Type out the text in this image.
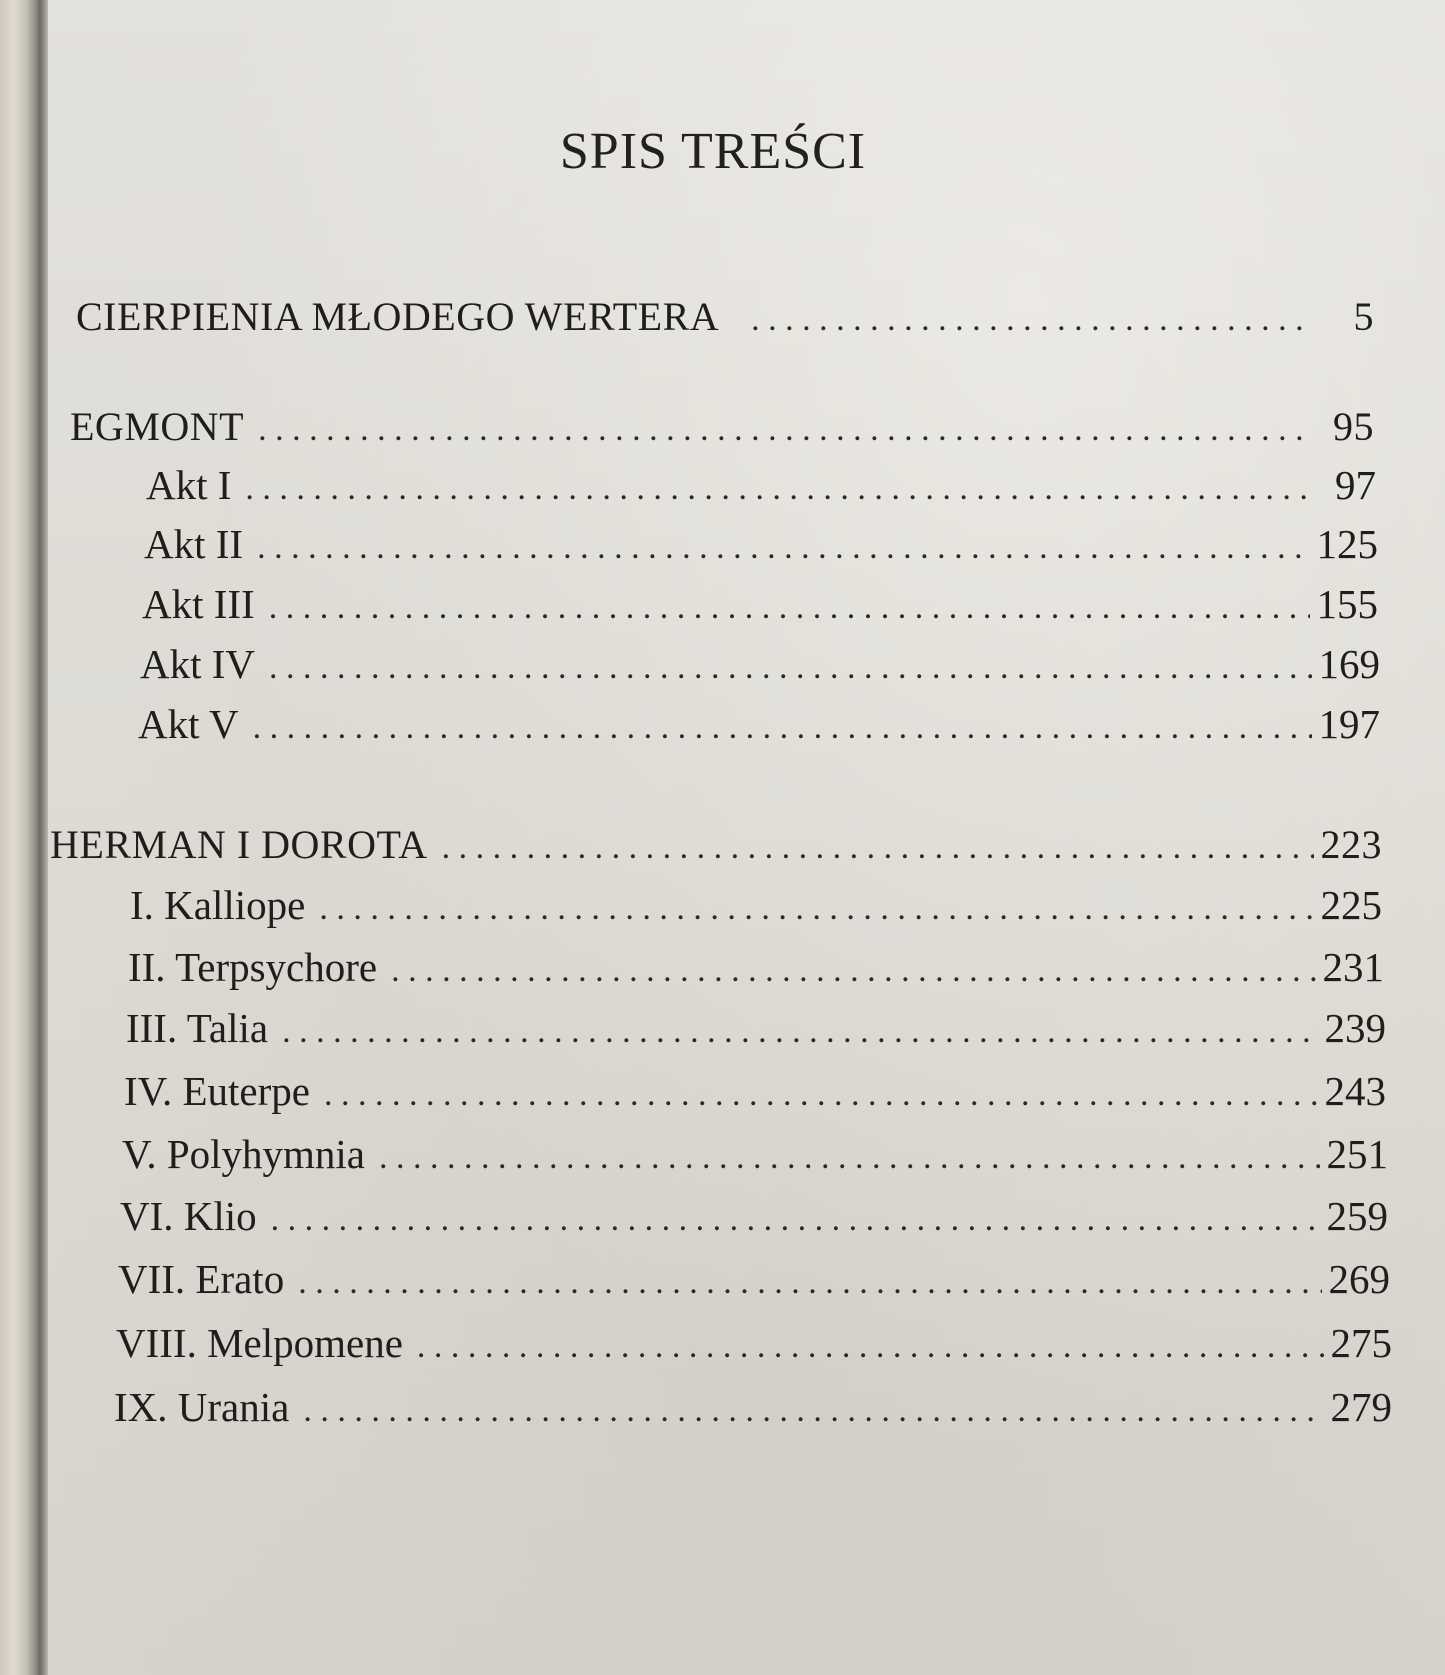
SPIS TREŚCI
CIERPIENIA MŁODEGO WERTERA . . .	5
EGMONT . . .	95
Akt I . . .	97
Akt II . . .	125
Akt III . . .	155
Akt IV . . .	169
Akt V . . .	197
HERMAN I DOROTA . . .	223
I. Kalliope . . .	225
II. Terpsychore . . .	231
III. Talia . . .	239
IV. Euterpe . . .	243
V. Polyhymnia . . .	251
VI. Klio . . .	259
VII. Erato . . .	269
VIII. Melpomene . . .	275
IX. Urania . . .	279
